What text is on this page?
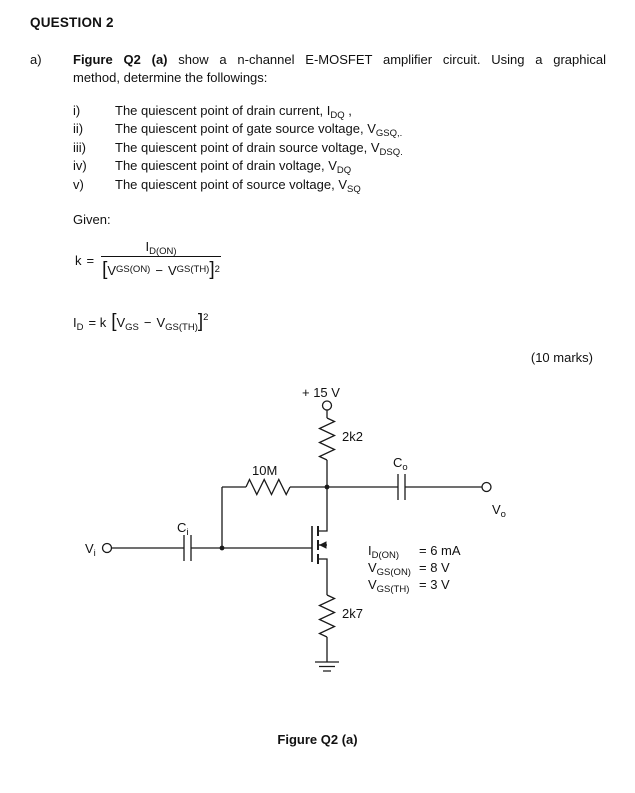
QUESTION 2
a) Figure Q2 (a) show a n-channel E-MOSFET amplifier circuit. Using a graphical
method, determine the followings:
i)	The quiescent point of drain current, $I_{DQ}$ ,
ii) The quiescent point of gate source voltage, $V_{GSQ,.}$
iii) The quiescent point of drain source voltage, $V_{DSQ.}$
iv) The quiescent point of drain voltage, $V_{DQ}$
v) The quiescent point of source voltage, $V_{SQ}$
Given:
$k = \frac{I_{D(ON)}}{\text{[ V GS(ON) − V GS(TH) ] 2}}$
$I_D = k$ $[V_{GS} - V_{GS(TH)}]^2$
(10 marks)
+ 15 V
2k2
10M
$C_i$
$C_o$
$V_i$
$V_o$
2k7
$I_{D(ON)} = 6$ mA
$V_{GS(ON)} = 8$ V
$V_{GS(TH)} = 3$ V
Figure Q2 (a)
